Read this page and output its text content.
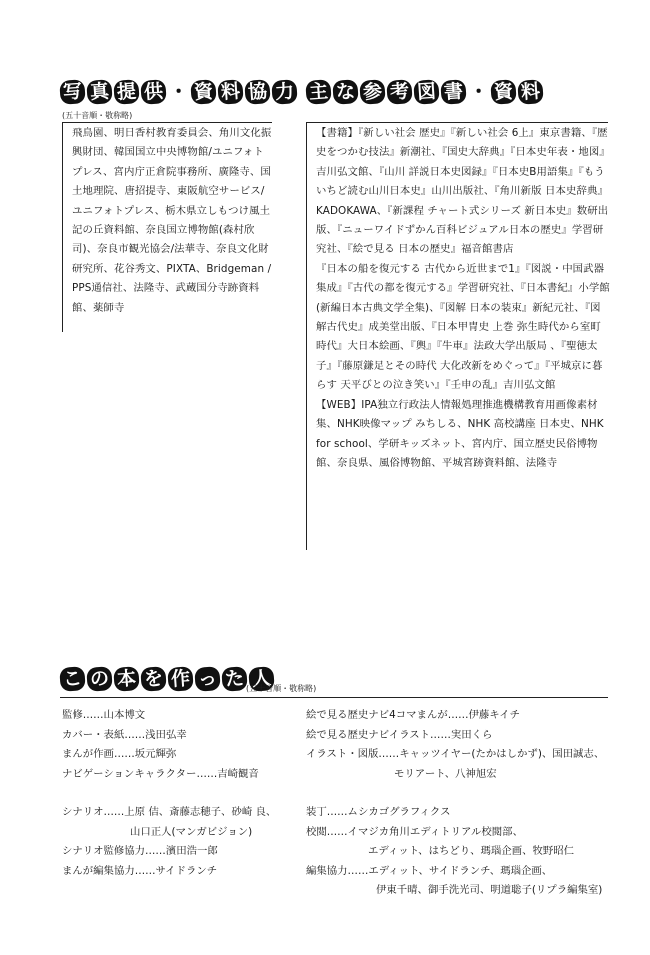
写 真 提 供 ・ 資 料 協 力
(五十音順・敬称略)

飛鳥園、明日香村教育委員会、角川文化振興財団、韓国国立中央博物館/ユニフォトプレス、宮内庁正倉院事務所、廣隆寺、国土地理院、唐招提寺、東阪航空サービス/ユニフォトプレス、栃木県立しもつけ風土記の丘資料館、奈良国立博物館(森村欣司)、奈良市観光協会/法華寺、奈良文化財研究所、花谷秀文、PIXTA、Bridgeman / PPS通信社、法隆寺、武蔵国分寺跡資料館、薬師寺

主 な 参 考 図 書 ・ 資 料

【書籍】『新しい社会 歴史』『新しい社会 6上』東京書籍、『歴史をつかむ技法』新潮社、『国史大辞典』『日本史年表・地図』吉川弘文館、『山川 詳説日本史図録』『日本史B用語集』『もういちど読む山川日本史』山川出版社、『角川新版 日本史辞典』KADOKAWA、『新課程 チャート式シリーズ 新日本史』数研出版、『ニューワイドずかん百科ビジュアル日本の歴史』学習研究社、『絵で見る 日本の歴史』福音館書店

『日本の船を復元する 古代から近世まで1』『図説・中国武器集成』『古代の都を復元する』学習研究社、『日本書紀』小学館(新編日本古典文学全集)、『図解 日本の装束』新紀元社、『図解古代史』成美堂出版、『日本甲冑史 上巻 弥生時代から室町時代』大日本絵画、『輿』『牛車』法政大学出版局 、『聖徳太子』『藤原鎌足とその時代 大化改新をめぐって』『平城京に暮らす 天平びとの泣き笑い』『壬申の乱』吉川弘文館

【WEB】IPA独立行政法人情報処理推進機構教育用画像素材集、NHK映像マップ みちしる、NHK 高校講座 日本史、NHK for school、学研キッズネット、宮内庁、国立歴史民俗博物館、奈良県、風俗博物館、平城宮跡資料館、法隆寺

こ の 本 を 作 っ た 人
(五十音順・敬称略)

監修……山本博文

カバー・表紙……浅田弘幸

まんが作画……坂元輝弥

ナビゲーションキャラクター……吉崎観音

シナリオ……上原 佶、斎藤志穂子、砂崎 良、

山口正人(マンガビジョン)

シナリオ監修協力……濱田浩一郎

まんが編集協力……サイドランチ

絵で見る歴史ナビ4コマまんが……伊藤キイチ

絵で見る歴史ナビイラスト……実田くら

イラスト・図版……キャッツイヤー(たかはしかず)、国田誠志、

モリアート、八神旭宏

装丁……ムシカゴグラフィクス

校閲……イマジカ角川エディトリアル校閲部、

エディット、はちどり、瑪瑙企画、牧野昭仁

編集協力……エディット、サイドランチ、瑪瑙企画、

伊東千晴、御手洗光司、明道聡子(リプラ編集室)
